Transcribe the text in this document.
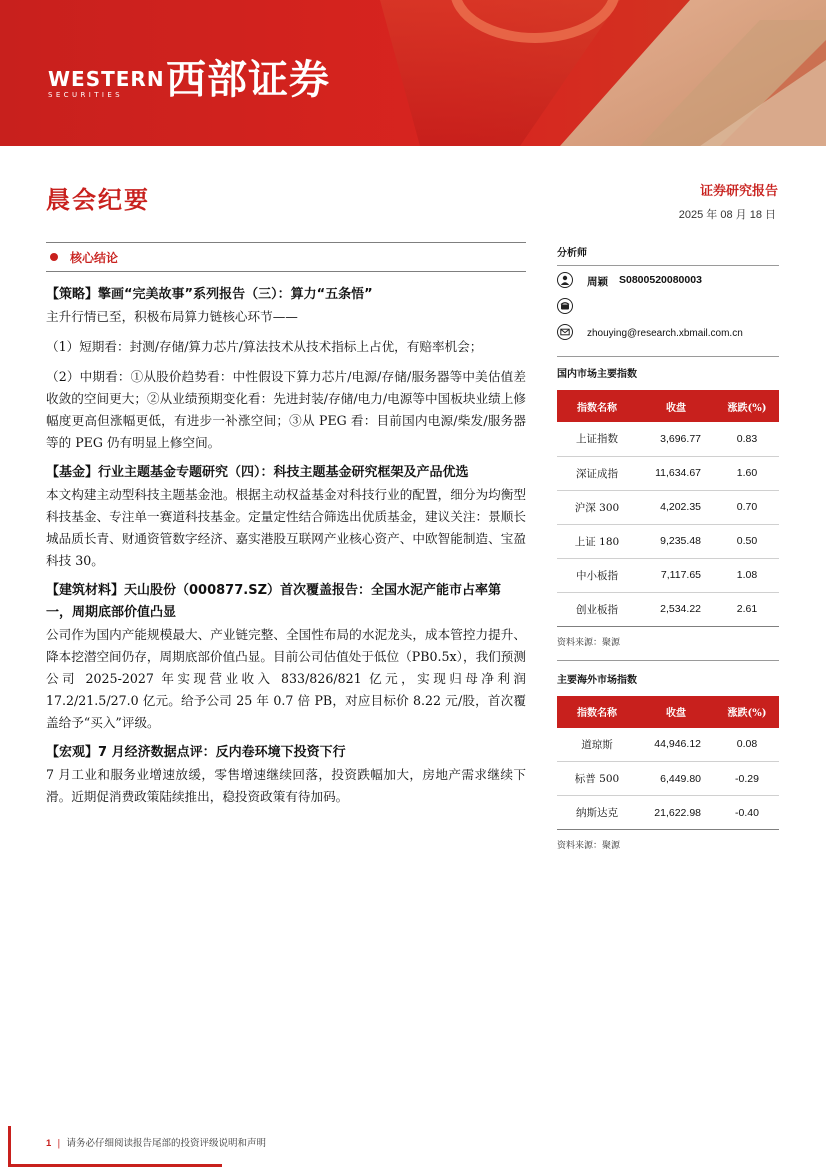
WESTERN
SECURITIES	西部证券
晨会纪要	证券研究报告
2025 年 08 月 18 日
核心结论
【策略】擎画“完美故事”系列报告（三）：算力“五条悟”
主升行情已至，积极布局算力链核心环节——
（1）短期看：封测/存储/算力芯片/算法技术从技术指标上占优，有赔率机会；
（2）中期看：①从股价趋势看：中性假设下算力芯片/电源/存储/服务器等中美估值差收敛的空间更大；②从业绩预期变化看：先进封装/存储/电力/电源等中国板块业绩上修幅度更高但涨幅更低，有进步一补涨空间；③从 PEG 看：目前国内电源/柴发/服务器等的 PEG 仍有明显上修空间。
【基金】行业主题基金专题研究（四）：科技主题基金研究框架及产品优选
本文构建主动型科技主题基金池。根据主动权益基金对科技行业的配置，细分为均衡型科技基金、专注单一赛道科技基金。定量定性结合筛选出优质基金，建议关注：景顺长城品质长青、财通资管数字经济、嘉实港股互联网产业核心资产、中欧智能制造、宝盈科技 30。
【建筑材料】天山股份（000877.SZ）首次覆盖报告：全国水泥产能市占率第一，周期底部价值凸显
公司作为国内产能规模最大、产业链完整、全国性布局的水泥龙头，成本管控力提升、降本挖潜空间仍存，周期底部价值凸显。目前公司估值处于低位（PB0.5x），我们预测公司 2025-2027 年实现营业收入 833/826/821 亿元，实现归母净利润 17.2/21.5/27.0 亿元。给予公司 25 年 0.7 倍 PB，对应目标价 8.22 元/股，首次覆盖给予“买入”评级。
【宏观】7 月经济数据点评：反内卷环境下投资下行
7 月工业和服务业增速放缓，零售增速继续回落，投资跌幅加大，房地产需求继续下滑。近期促消费政策陆续推出，稳投资政策有待加码。
分析师
周颖 S0800520080003
zhouying@research.xbmail.com.cn
国内市场主要指数
指数名称	收盘	涨跌(%)
上证指数	3,696.77	0.83
深证成指	11,634.67	1.60
沪深 300	4,202.35	0.70
上证 180	9,235.48	0.50
中小板指	7,117.65	1.08
创业板指	2,534.22	2.61
资料来源：聚源
主要海外市场指数
指数名称	收盘	涨跌(%)
道琼斯	44,946.12	0.08
标普 500	6,449.80	-0.29
纳斯达克	21,622.98	-0.40
资料来源：聚源
1 | 请务必仔细阅读报告尾部的投资评级说明和声明
